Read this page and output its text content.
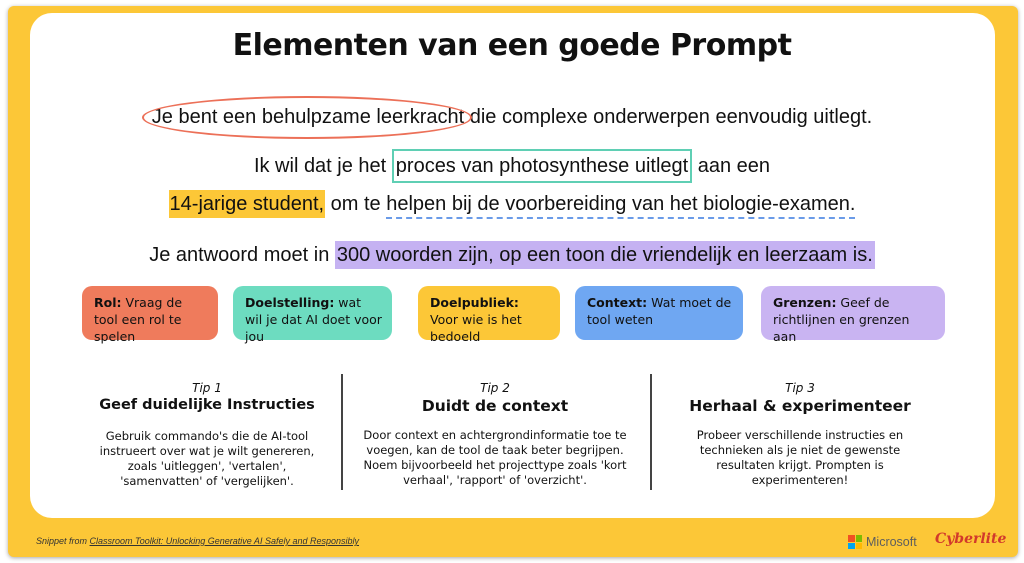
Elementen van een goede Prompt
Je bent een behulpzame leerkracht die complexe onderwerpen eenvoudig uitlegt.
Ik wil dat je het proces van photosynthese uitlegt aan een
14-jarige student, om te helpen bij de voorbereiding van het biologie-examen.
Je antwoord moet in 300 woorden zijn, op een toon die vriendelijk en leerzaam is.
Rol: Vraag de tool een rol te spelen
Doelstelling: wat wil je dat AI doet voor jou
Doelpubliek: Voor wie is het bedoeld
Context: Wat moet de tool weten
Grenzen: Geef de richtlijnen en grenzen aan
Tip 1
Geef duidelijke Instructies
Gebruik commando's die de AI-tool instrueert over wat je wilt genereren, zoals 'uitleggen', 'vertalen', 'samenvatten' of 'vergelijken'.
Tip 2
Duidt de context
Door context en achtergrondinformatie toe te voegen, kan de tool de taak beter begrijpen. Noem bijvoorbeeld het projecttype zoals 'kort verhaal', 'rapport' of 'overzicht'.
Tip 3
Herhaal & experimenteer
Probeer verschillende instructies en technieken als je niet de gewenste resultaten krijgt. Prompten is experimenteren!
Snippet from Classroom Toolkit: Unlocking Generative AI Safely and Responsibly	Microsoft Cyberlite
